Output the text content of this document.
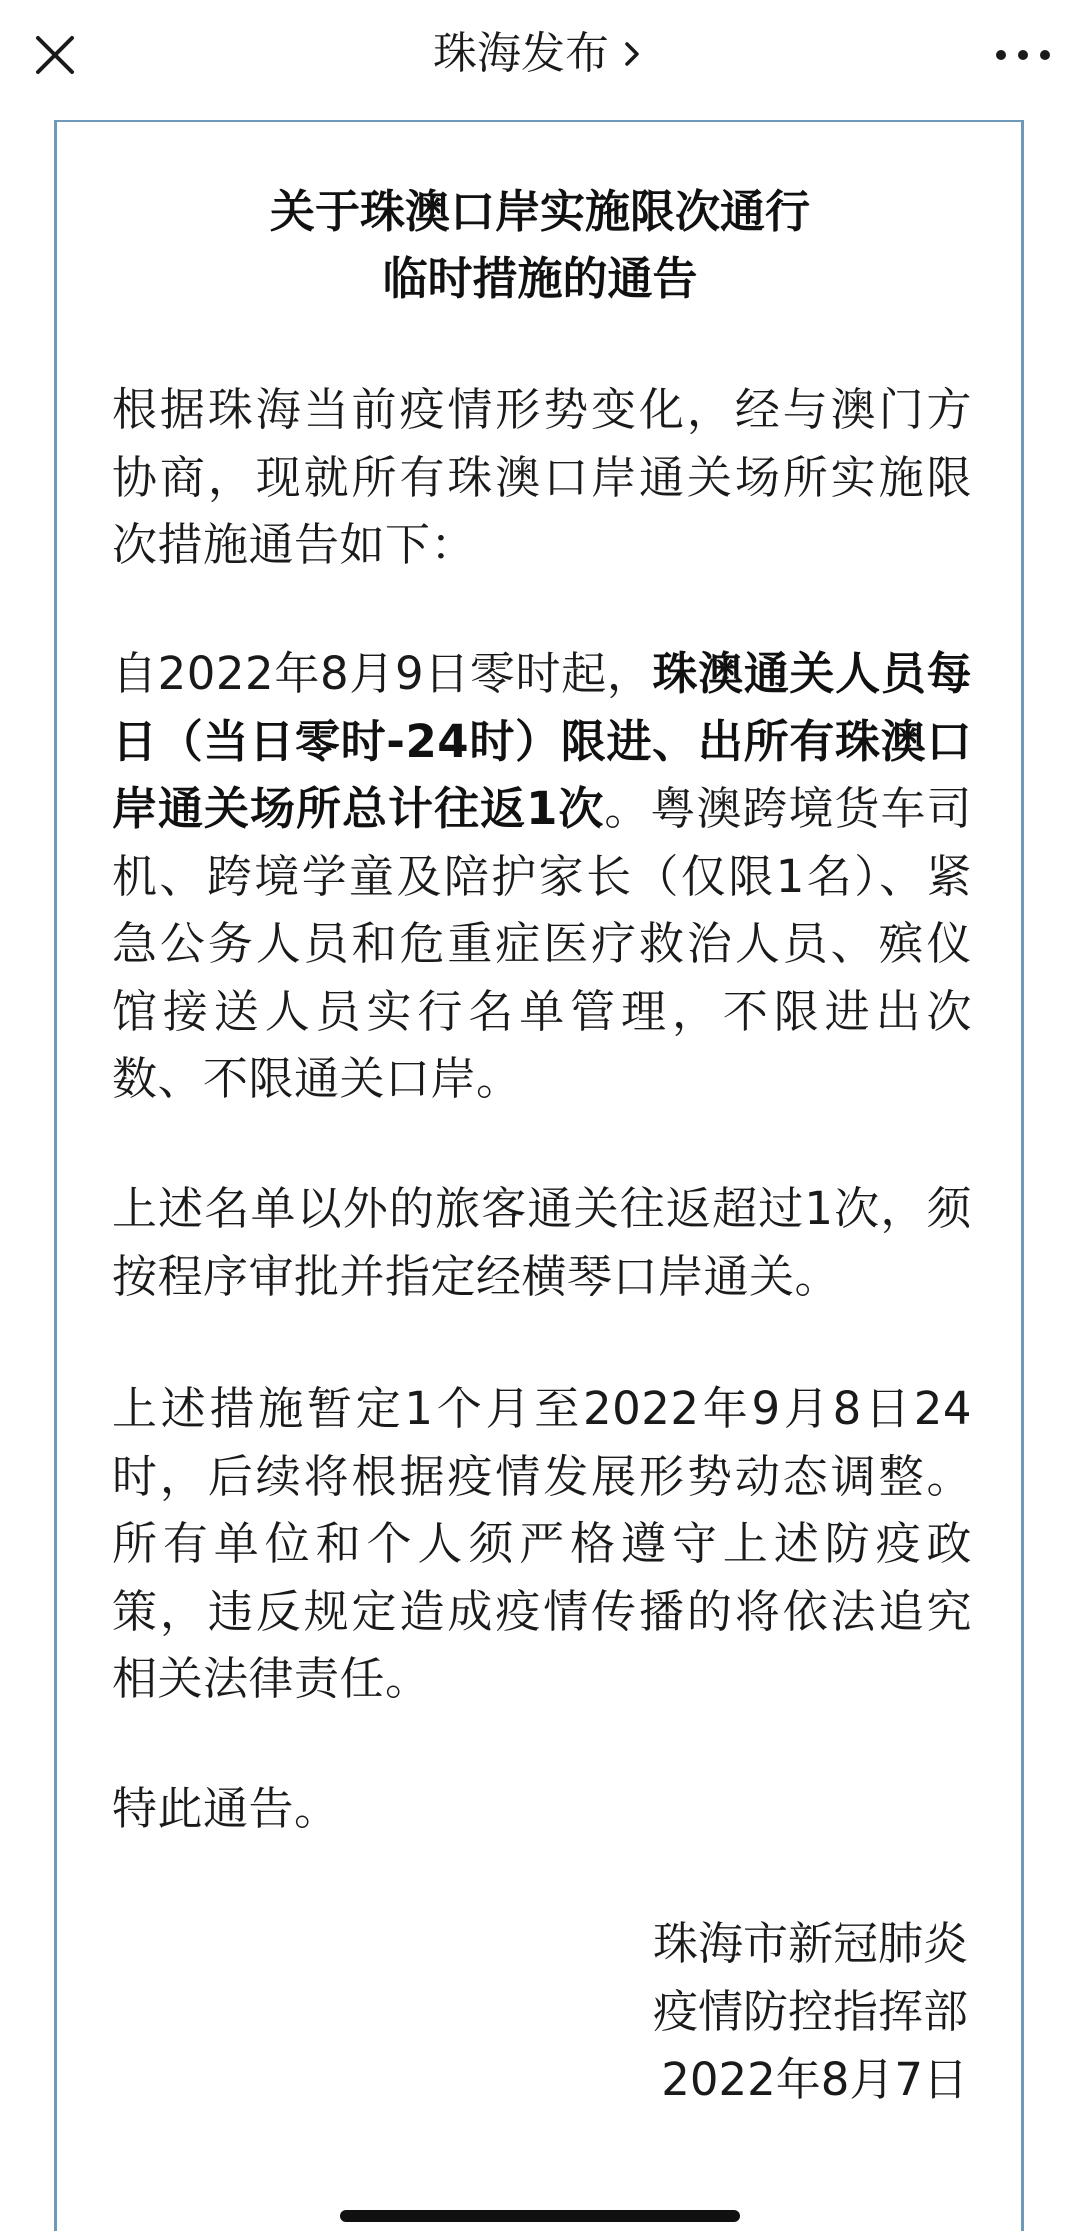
珠海发布
关于珠澳口岸实施限次通行
临时措施的通告
根据珠海当前疫情形势变化，经与澳门方协商，现就所有珠澳口岸通关场所实施限次措施通告如下：
自2022年8月9日零时起，珠澳通关人员每日（当日零时-24时）限进、出所有珠澳口岸通关场所总计往返1次。粤澳跨境货车司机、跨境学童及陪护家长（仅限1名）、紧急公务人员和危重症医疗救治人员、殡仪馆接送人员实行名单管理，不限进出次数、不限通关口岸。
上述名单以外的旅客通关往返超过1次，须按程序审批并指定经横琴口岸通关。
上述措施暂定1个月至2022年9月8日24时，后续将根据疫情发展形势动态调整。所有单位和个人须严格遵守上述防疫政策，违反规定造成疫情传播的将依法追究相关法律责任。
特此通告。
珠海市新冠肺炎
疫情防控指挥部
2022年8月7日
